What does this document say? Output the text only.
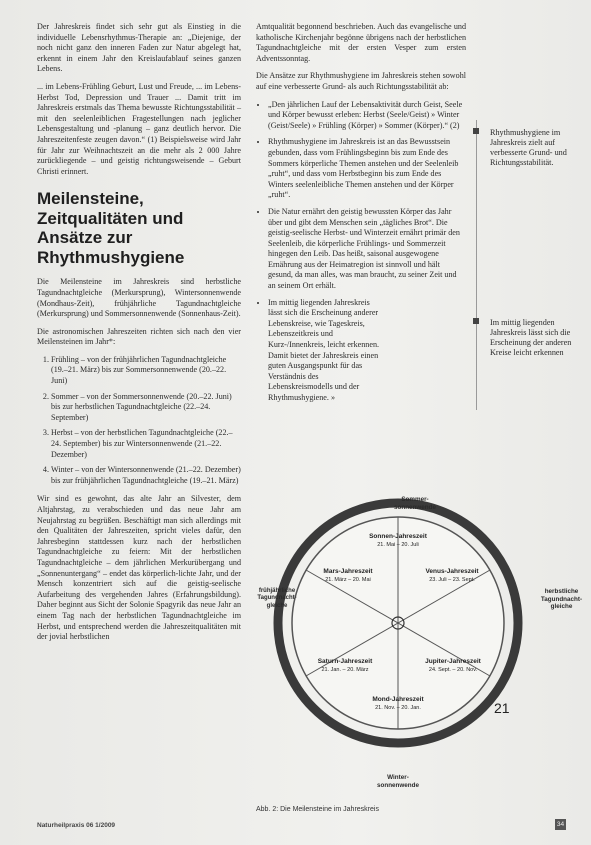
Der Jahreskreis findet sich sehr gut als Einstieg in die individuelle Lebensrhythmus-Therapie an: „Diejenige, der noch nicht ganz den inneren Faden zur Natur abgelegt hat, erkennt in einem Jahr den Kreislaufablauf seines ganzen Lebens.

... im Lebens-Frühling Geburt, Lust und Freude, ... im Lebens-Herbst Tod, Depression und Trauer ... Damit tritt im Jahreskreis erstmals das Thema bewusste Richtungsstabilität – mit den seelenleiblichen Fragestellungen nach jeglicher Lebensgestaltung und -planung – ganz deutlich hervor. Die Jahreszeitenfeste zeugen davon.“ (1) Beispielsweise wird Jahr für Jahr zur Weihnachtszeit an die mehr als 2 000 Jahre zurückliegende – und geistig richtungsweisende – Geburt Christi erinnert.

Meilensteine, Zeitqualitäten und Ansätze zur Rhythmushygiene

Die Meilensteine im Jahreskreis sind herbstliche Tagundnachtgleiche (Merkursprung), Wintersonnenwende (Mondhaus-Zeit), frühjährliche Tagundnachtgleiche (Merkursprung) und Sommersonnenwende (Sonnenhaus-Zeit).

Die astronomischen Jahreszeiten richten sich nach den vier Meilensteinen im Jahr*:

1. Frühling – von der frühjährlichen Tagundnachtgleiche (19.–21. März) bis zur Sommersonnenwende (20.–22. Juni)
2. Sommer – von der Sommersonnenwende (20.–22. Juni) bis zur herbstlichen Tagundnachtgleiche (22.–24. September)
3. Herbst – von der herbstlichen Tagundnachtgleiche (22.–24. September) bis zur Wintersonnenwende (21.–22. Dezember)
4. Winter – von der Wintersonnenwende (21.–22. Dezember) bis zur frühjährlichen Tagundnachtgleiche (19.–21. März)

Wir sind es gewohnt, das alte Jahr an Silvester, dem Altjahrstag, zu verabschieden und das neue Jahr am Neujahrstag zu begrüßen. Beschäftigt man sich allerdings mit den Qualitäten der Jahreszeiten, spricht vieles dafür, den Jahresbeginn stattdessen kurz nach der herbstlichen Tagundnachtgleiche zu feiern: Mit der herbstlichen Tagundnachtgleiche – dem jährlichen Merkurübergang und „Sonnenuntergang“ – endet das körperlich-lichte Jahr, und der Mensch konzentriert sich auf die geistig-seelische Aufarbeitung des vergehenden Jahres (Erfahrungsbildung). Daher beginnt aus Sicht der Solonie Spagyrik das neue Jahr an einem Tag nach der herbstlichen Tagundnachtgleiche im Herbst, und entsprechend werden die Jahreszeitqualitäten mit der jovial herbstlichen

Amtqualität begonnend beschrieben. Auch das evangelische und katholische Kirchenjahr begönne übrigens nach der herbstlichen Tagundnachtgleiche mit der ersten Vesper zum ersten Adventssonntag.

Die Ansätze zur Rhythmushygiene im Jahreskreis stehen sowohl auf eine verbesserte Grund- als auch Richtungsstabilität ab:

• „Den jährlichen Lauf der Lebensaktivität durch Geist, Seele und Körper bewusst erleben: Herbst (Seele/Geist) » Winter (Geist/Seele) » Frühling (Körper) » Sommer (Körper).“ (2)
• Rhythmushygiene im Jahreskreis ist an das Bewusstsein gebunden, dass vom Frühlingsbeginn bis zum Ende des Sommers körperliche Themen anstehen und der Seelenleib „ruht“, und dass vom Herbstbeginn bis zum Ende des Winters seelenleibliche Themen anstehen und der Körper „ruht“.
• Die Natur ernährt den geistig bewussten Körper das Jahr über und gibt dem Menschen sein „tägliches Brot“. Die geistig-seelische Herbst- und Winterzeit ernährt primär den Seelenleib, die körperliche Frühlings- und Sommerzeit hingegen den Leib. Das heißt, saisonal ausgewogene Ernährung aus der Heimatregion ist sinnvoll und hält gesund, da man alles, was man braucht, zu seiner Zeit und an seinem Ort erhält.
• Im mittig liegenden Jahreskreis lässt sich die Erscheinung anderer Lebenskreise, wie Tageskreis, Lebenszeitkreis und Kurz-/Innenkreis, leicht erkennen. Damit bietet der Jahreskreis einen guten Ausgangspunkt für das Verständnis des Lebenskreismodells und der Rhythmushygiene. »
Rhythmushygiene im Jahreskreis zielt auf verbesserte Grund- und Richtungsstabilität.
Im mittig liegenden Jahreskreis lässt sich die Erscheinung der anderen Kreise leicht erkennen
Sonnen-Jahreszeit
21. Mai – 20. Juli
Mars-Jahreszeit
21. März – 20. Mai
Venus-Jahreszeit
23. Juli – 23. Sept.
Saturn-Jahreszeit
21. Jan. – 20. März
Jupiter-Jahreszeit
24. Sept. – 20. Nov.
Mond-Jahreszeit
21. Nov. – 20. Jan.	21
Sommer-sonnenwende
Winter-sonnenwende
frühjährliche Tagundnacht-gleiche
herbstliche Tagundnacht-gleiche
Abb. 2: Die Meilensteine im Jahreskreis
Naturheilpraxis 06 1/2009	34
